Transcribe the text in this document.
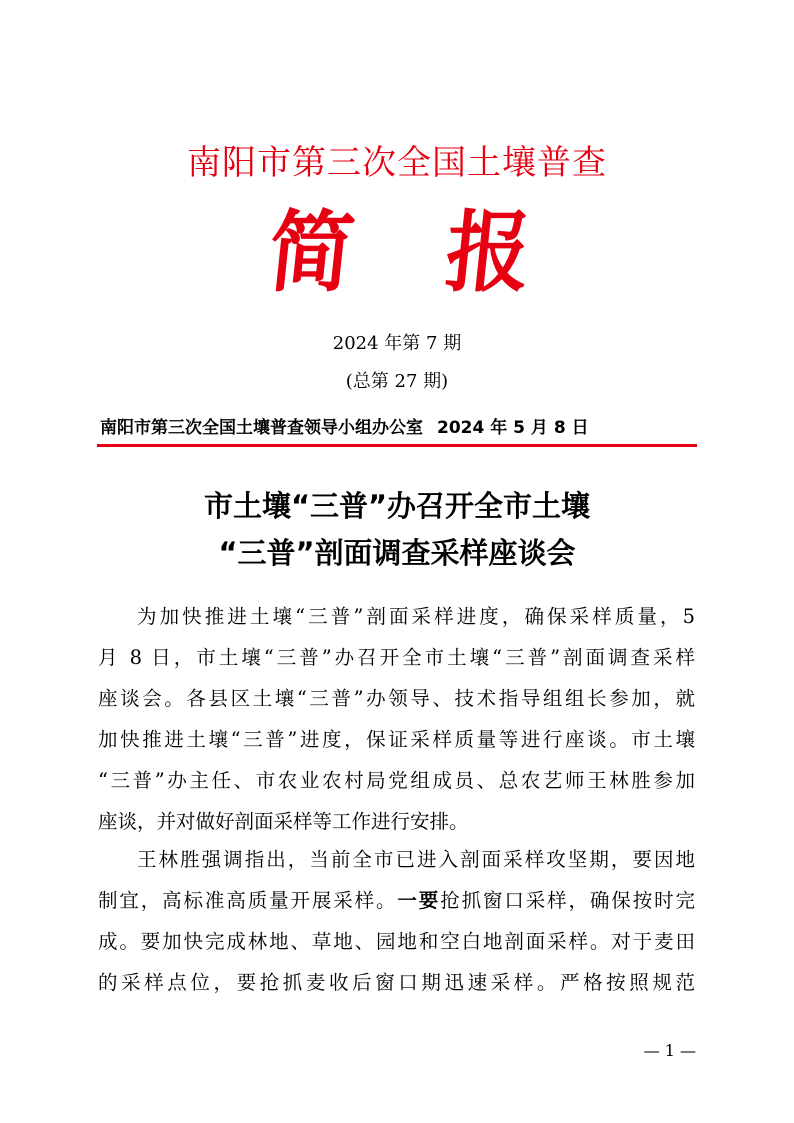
南阳市第三次全国土壤普查
简 报
2024 年第 7 期
(总第 27 期)
南阳市第三次全国土壤普查领导小组办公室 2024 年 5 月 8 日
市土壤“三普”办召开全市土壤
“三普”剖面调查采样座谈会
为加快推进土壤“三普”剖面采样进度，确保采样质量，5
月 8 日，市土壤“三普”办召开全市土壤“三普”剖面调查采样
座谈会。各县区土壤“三普”办领导、技术指导组组长参加，就
加快推进土壤“三普”进度，保证采样质量等进行座谈。市土壤
“三普”办主任、市农业农村局党组成员、总农艺师王林胜参加
座谈，并对做好剖面采样等工作进行安排。
王林胜强调指出，当前全市已进入剖面采样攻坚期，要因地
制宜，高标准高质量开展采样。一要抢抓窗口采样，确保按时完
成。要加快完成林地、草地、园地和空白地剖面采样。对于麦田
的采样点位，要抢抓麦收后窗口期迅速采样。严格按照规范
— 1 —
